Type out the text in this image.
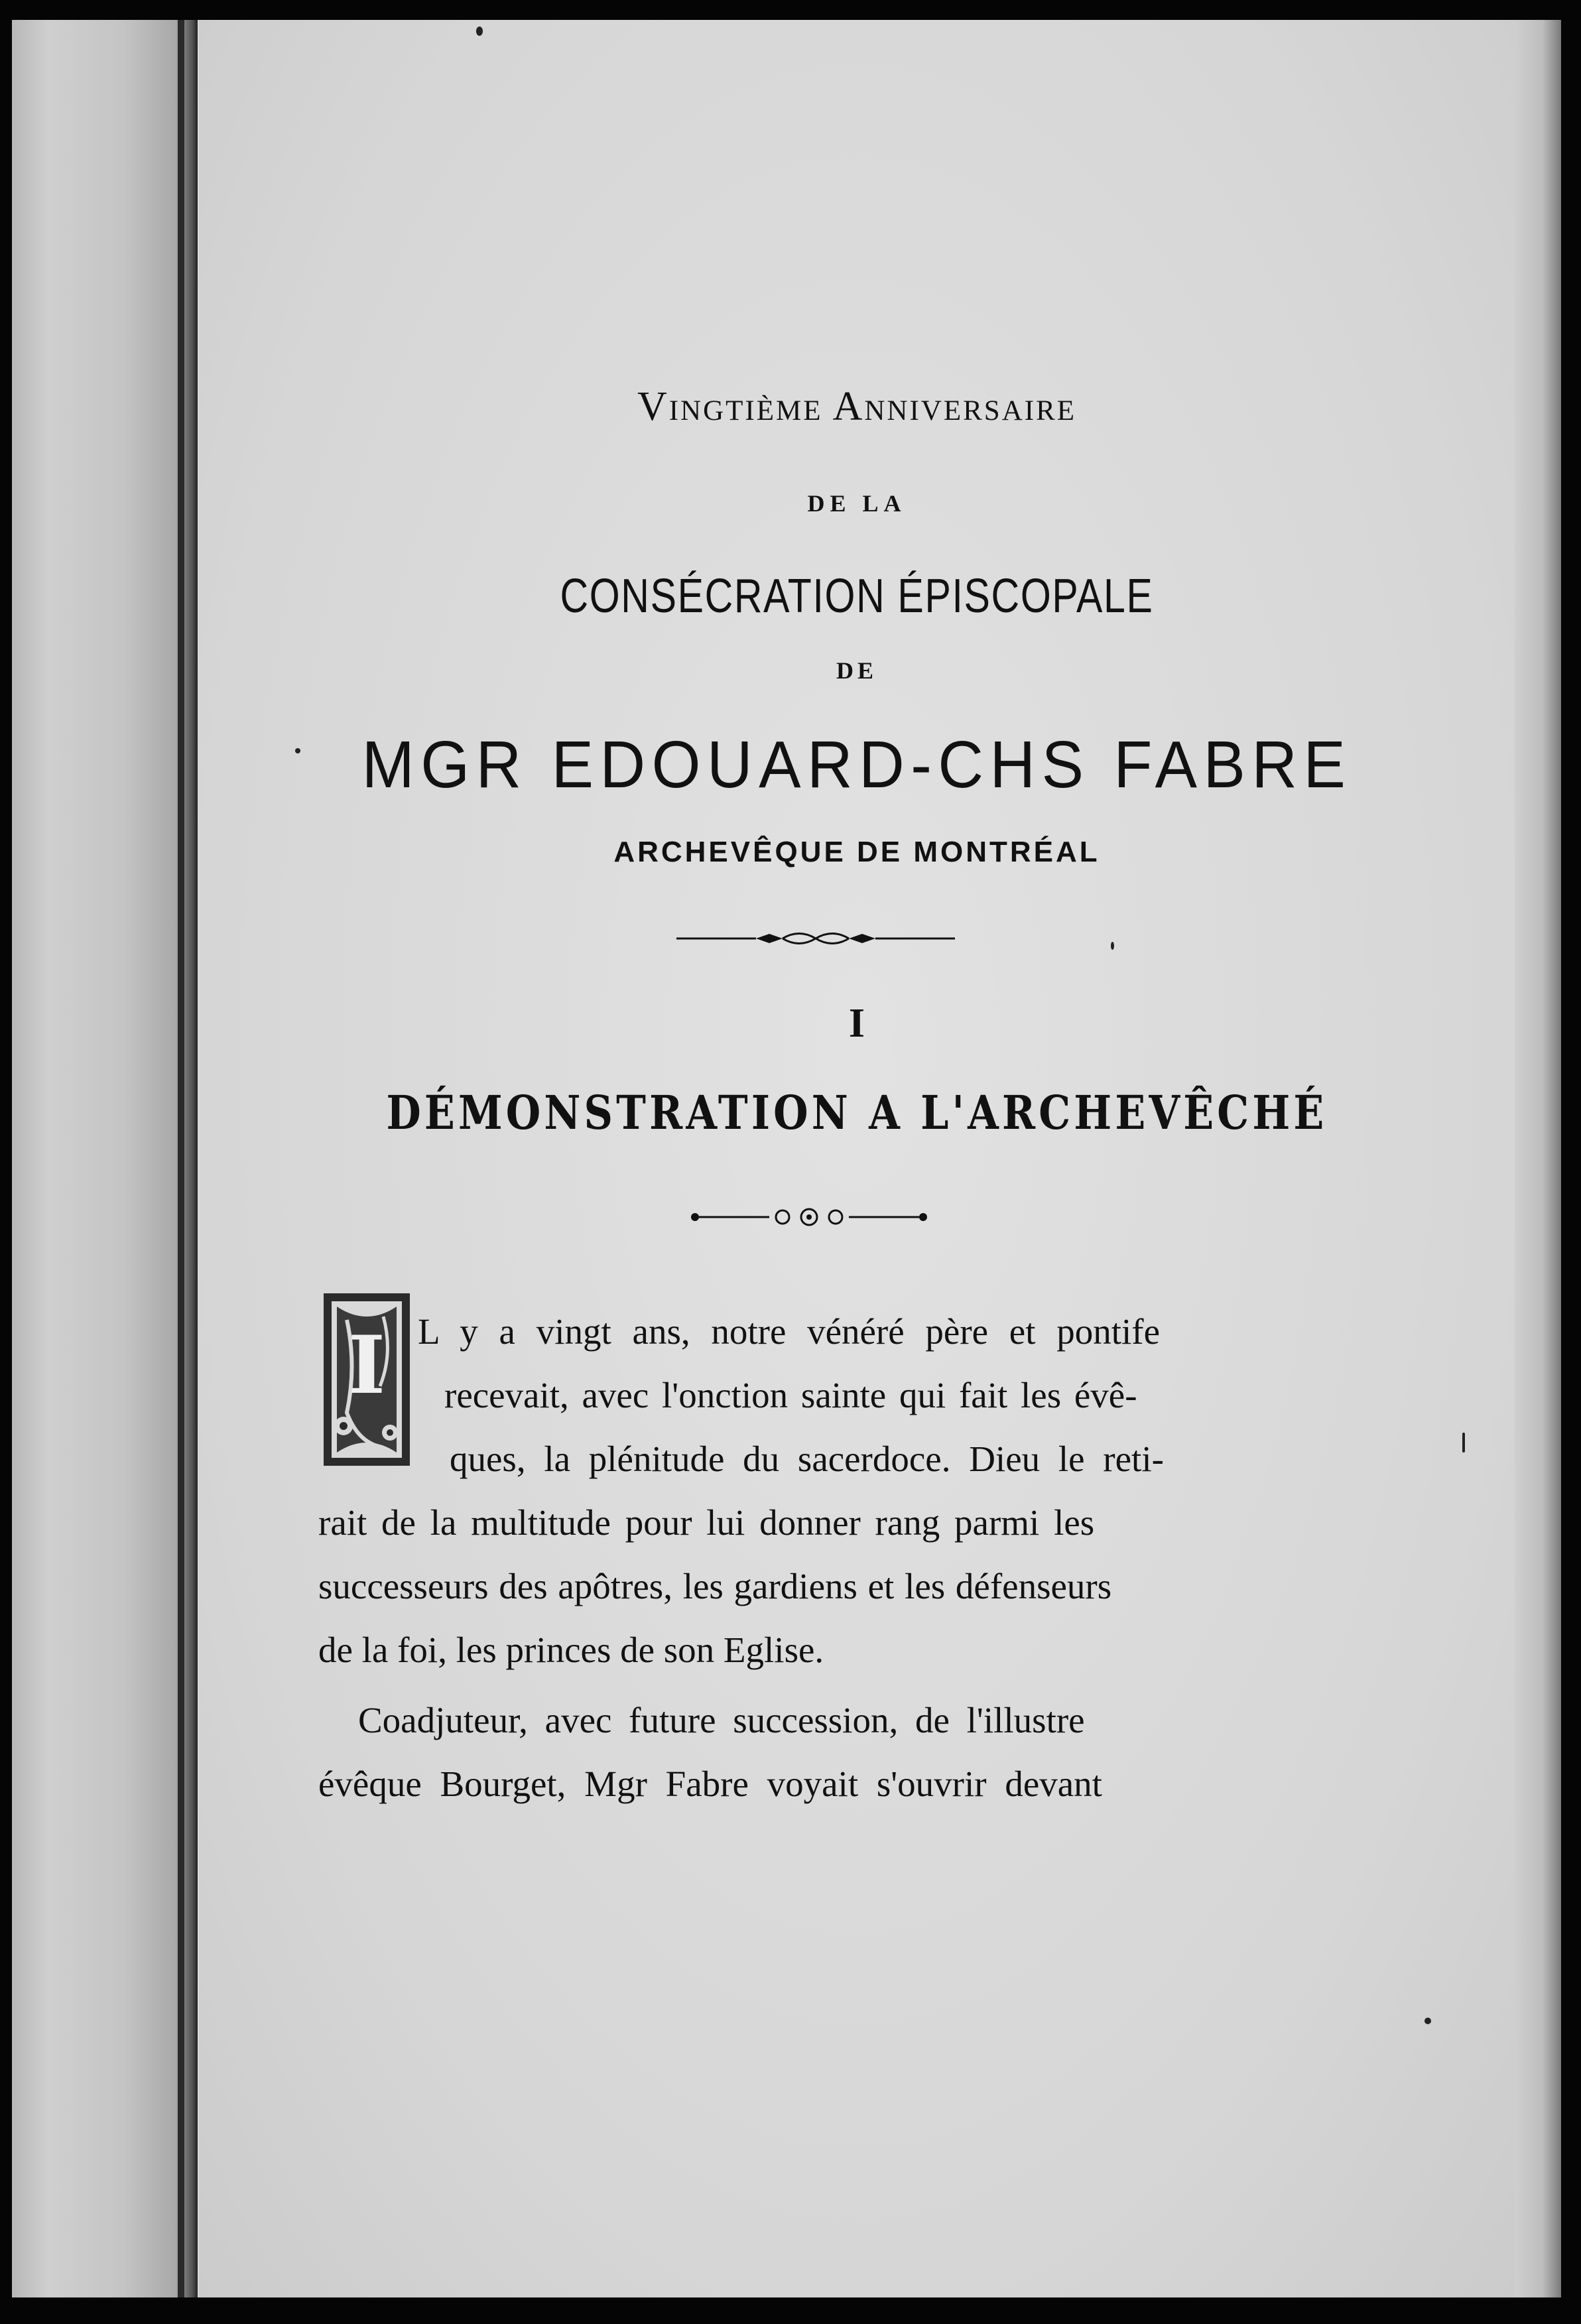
Vingtième Anniversaire
DE LA
CONSÉCRATION ÉPISCOPALE
DE
MGR EDOUARD-CHS FABRE
ARCHEVÊQUE DE MONTRÉAL
I
DÉMONSTRATION A L'ARCHEVÊCHÉ
I L y a vingt ans, notre vénéré père et pontife
recevait, avec l'onction sainte qui fait les évê-
ques, la plénitude du sacerdoce. Dieu le reti-
rait de la multitude pour lui donner rang parmi les
successeurs des apôtres, les gardiens et les défenseurs
de la foi, les princes de son Eglise.
Coadjuteur, avec future succession, de l'illustre
évêque Bourget, Mgr Fabre voyait s'ouvrir devant
